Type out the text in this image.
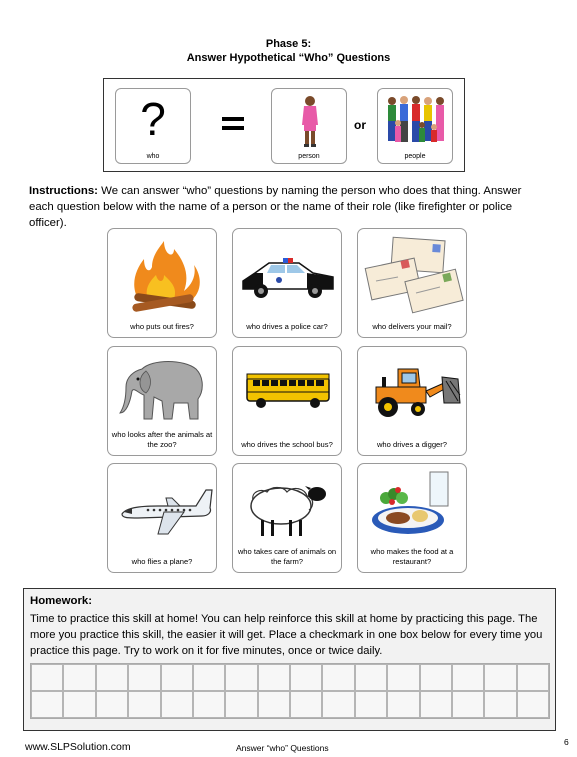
Phase 5:
Answer Hypothetical “Who” Questions
?
who	person
or
people
Instructions: We can answer “who” questions by naming the person who does that thing. Answer each question below with the name of a person or the name of their role (like firefighter or police officer).
who puts out fires?	who drives a police car?	who delivers your mail?
who looks after the animals at the zoo?	who drives the school bus?	who drives a digger?
who flies a plane?
who takes care of animals on the farm?
who makes the food at a restaurant?
Homework:
Time to practice this skill at home! You can help reinforce this skill at home by practicing this page. The more you practice this skill, the easier it will get. Place a checkmark in one box below for every time you practice this page. Try to work on it for five minutes, once or twice daily.
www.SLPSolution.com	Answer “who” Questions
6
